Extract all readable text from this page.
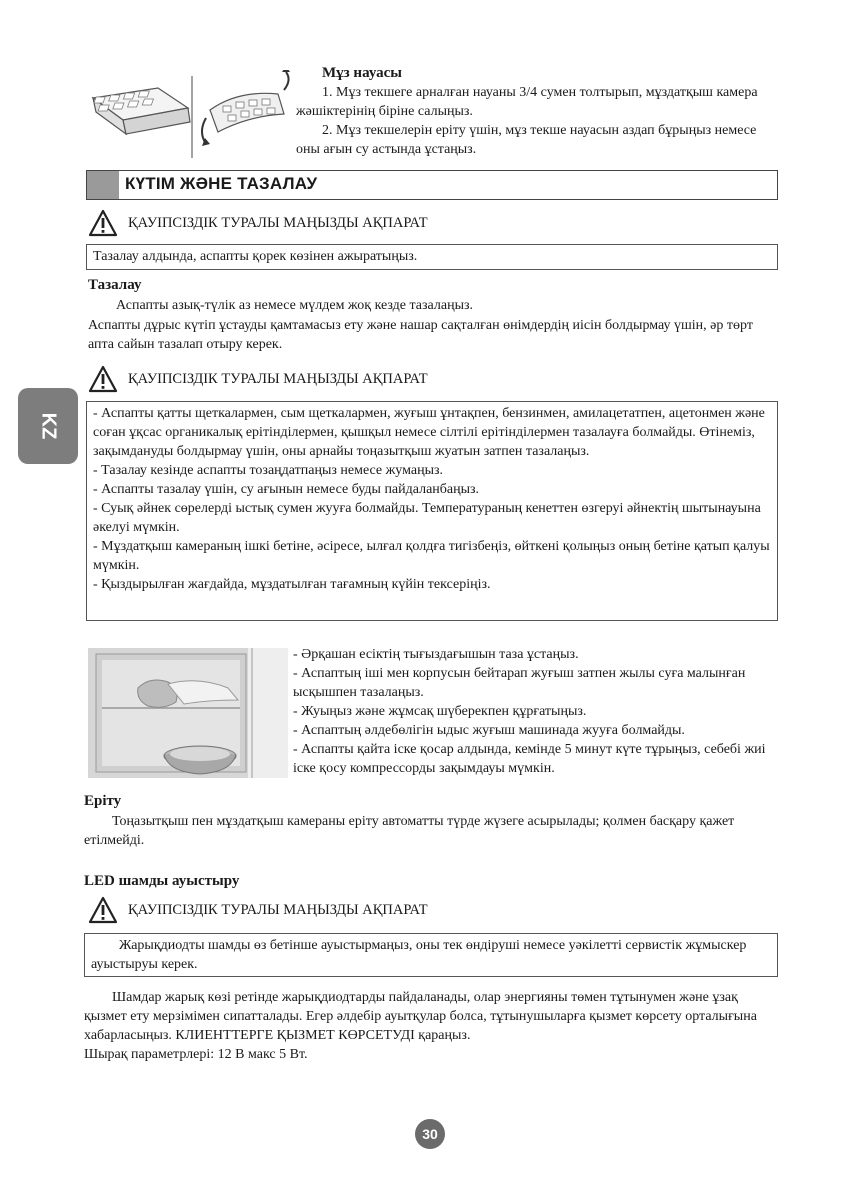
Мұз науасы

1. Мұз текшеге арналған науаны 3/4 сумен толтырып, мұздатқыш камера жәшіктерінің біріне салыңыз.

2. Мұз текшелерін еріту үшін, мұз текше науасын аздап бұрыңыз немесе оны ағын су астында ұстаңыз.

КҮТІМ ЖӘНЕ ТАЗАЛАУ
ҚАУІПСІЗДІК ТУРАЛЫ МАҢЫЗДЫ АҚПАРАТ
Тазалау алдында, аспапты қорек көзінен ажыратыңыз.
Тазалау
Аспапты азық-түлік аз немесе мүлдем жоқ кезде тазалаңыз.
Аспапты дұрыс күтіп ұстауды қамтамасыз ету және нашар сақталған өнімдердің иісін болдырмау үшін, әр төрт апта сайын тазалап отыру керек.
KZ
ҚАУІПСІЗДІК ТУРАЛЫ МАҢЫЗДЫ АҚПАРАТ
- Аспапты қатты щеткалармен, сым щеткалармен, жуғыш ұнтақпен, бензинмен, амилацетатпен, ацетонмен және соған ұқсас органикалық ерітінділермен, қышқыл немесе сілтілі ерітінділермен тазалауға болмайды. Өтінеміз, зақымдануды болдырмау үшін, оны арнайы тоңазытқыш жуатын затпен тазалаңыз.
- Тазалау кезінде аспапты тозаңдатпаңыз немесе жумаңыз.
- Аспапты тазалау үшін, су ағынын немесе буды пайдаланбаңыз.
- Суық әйнек сөрелерді ыстық сумен жууға болмайды. Температураның кенеттен өзгеруі әйнектің шытынауына әкелуі мүмкін.
- Мұздатқыш камераның ішкі бетіне, әсіресе, ылғал қолдға тигізбеңіз, өйткені қолыңыз оның бетіне қатып қалуы мүмкін.
- Қыздырылған жағдайда, мұздатылған тағамның күйін тексеріңіз.
- Әрқашан есіктің тығыздағышын таза ұстаңыз.
- Аспаптың іші мен корпусын бейтарап жуғыш затпен жылы суға малынған ысқышпен тазалаңыз.
- Жуыңыз және жұмсақ шүберекпен құрғатыңыз.
- Аспаптың әлдебөлігін ыдыс жуғыш машинада жууға болмайды.
- Аспапты қайта іске қосар алдында, кемінде 5 минут күте тұрыңыз, себебі жиі іске қосу компрессорды зақымдауы мүмкін.
Еріту
Тоңазытқыш пен мұздатқыш камераны еріту автоматты түрде жүзеге асырылады; қолмен басқару қажет етілмейді.
LED шамды ауыстыру
ҚАУІПСІЗДІК ТУРАЛЫ МАҢЫЗДЫ АҚПАРАТ
Жарықдиодты шамды өз бетінше ауыстырмаңыз, оны тек өндіруші немесе уәкілетті сервистік жұмыскер ауыстыруы керек.
Шамдар жарық көзі ретінде жарықдиодтарды пайдаланады, олар энергияны төмен тұтынумен және ұзақ қызмет ету мерзімімен сипатталады. Егер әлдебір ауытқулар болса, тұтынушыларға қызмет көрсету орталығына хабарласыңыз. КЛИЕНТТЕРГЕ ҚЫЗМЕТ КӨРСЕТУДІ қараңыз.
Шырақ параметрлері: 12 В макс 5 Вт.
30
